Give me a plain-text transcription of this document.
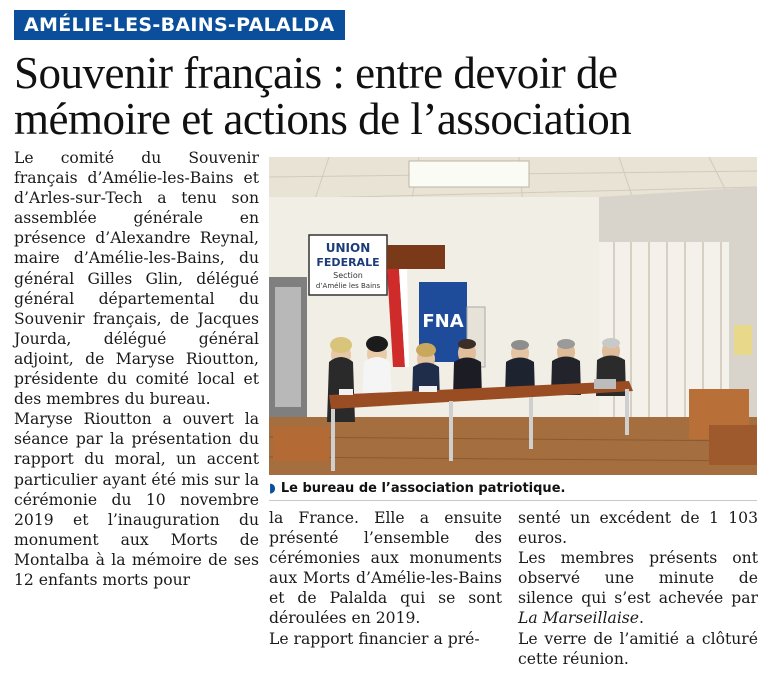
AMÉLIE-LES-BAINS-PALALDA
Souvenir français : entre devoir de mémoire et actions de l’association

Le comité du Souvenir français d’Amélie-les-Bains et d’Arles-sur-Tech a tenu son assemblée générale en présence d’Alexandre Reynal, maire d’Amélie-les-Bains, du général Gilles Glin, délégué général départemental du Souvenir français, de Jacques Jourda, délégué général adjoint, de Maryse Rioutton, présidente du comité local et des membres du bureau.

Maryse Rioutton a ouvert la séance par la présentation du rapport du moral, un accent particulier ayant été mis sur la cérémonie du 10 novembre 2019 et l’inauguration du monument aux Morts de Montalba à la mémoire de ses 12 enfants morts pour

UNION
FEDERALE
Section
d’Amélie les Bains
FNA
◗ Le bureau de l’association patriotique.

la France. Elle a ensuite présenté l’ensemble des cérémonies aux monuments aux Morts d’Amélie-les-Bains et de Palalda qui se sont déroulées en 2019.

Le rapport financier a pré-

senté un excédent de 1 103 euros.

Les membres présents ont observé une minute de silence qui s’est achevée par La Marseillaise.

Le verre de l’amitié a clôturé cette réunion.
